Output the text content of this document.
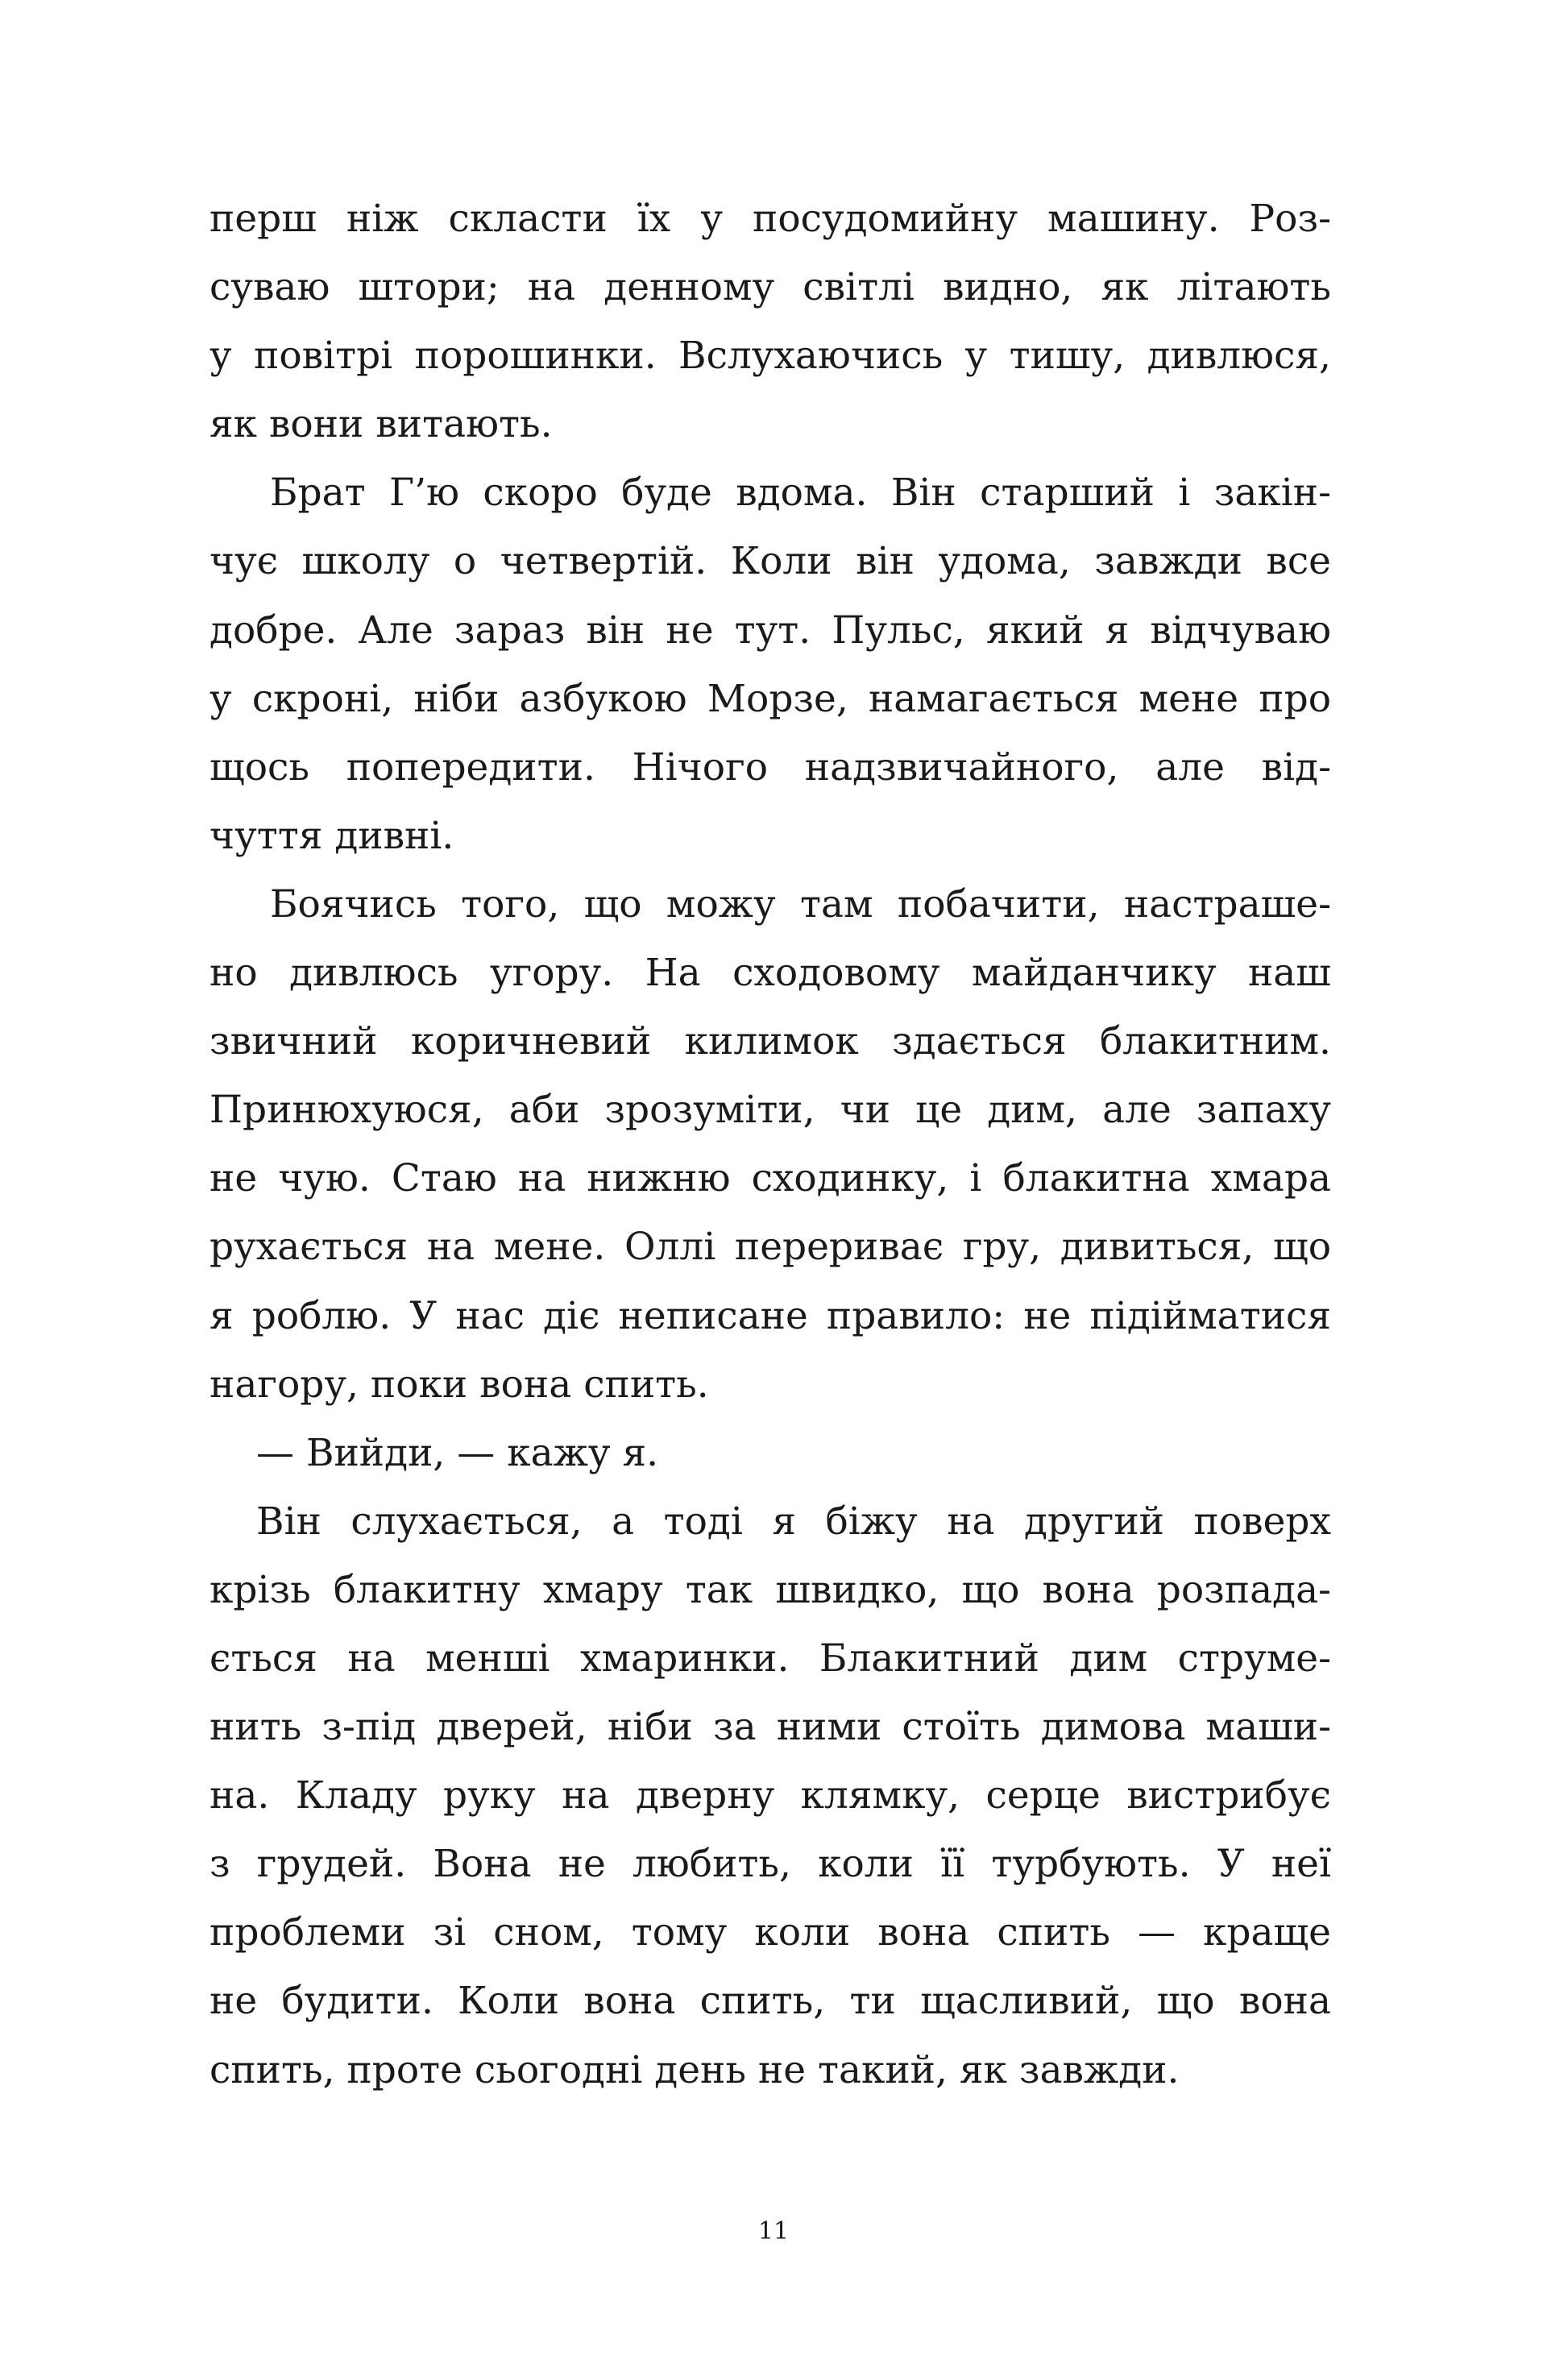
перш ніж скласти їх у посудомийну машину. Роз-
суваю штори; на денному світлі видно, як літають
у повітрі порошинки. Вслухаючись у тишу, дивлюся,
як вони витають.
Брат Г’ю скоро буде вдома. Він старший і закін-
чує школу о четвертій. Коли він удома, завжди все
добре. Але зараз він не тут. Пульс, який я відчуваю
у скроні, ніби азбукою Морзе, намагається мене про
щось попередити. Нічого надзвичайного, але від-
чуття дивні.
Боячись того, що можу там побачити, настраше-
но дивлюсь угору. На сходовому майданчику наш
звичний коричневий килимок здається блакитним.
Принюхуюся, аби зрозуміти, чи це дим, але запаху
не чую. Стаю на нижню сходинку, і блакитна хмара
рухається на мене. Оллі перериває гру, дивиться, що
я роблю. У нас діє неписане правило: не підійматися
нагору, поки вона спить.
— Вийди, — кажу я.
Він слухається, а тоді я біжу на другий поверх
крізь блакитну хмару так швидко, що вона розпада-
ється на менші хмаринки. Блакитний дим струме-
нить з-під дверей, ніби за ними стоїть димова маши-
на. Кладу руку на дверну клямку, серце вистрибує
з грудей. Вона не любить, коли її турбують. У неї
проблеми зі сном, тому коли вона спить — краще
не будити. Коли вона спить, ти щасливий, що вона
спить, проте сьогодні день не такий, як завжди.
11
